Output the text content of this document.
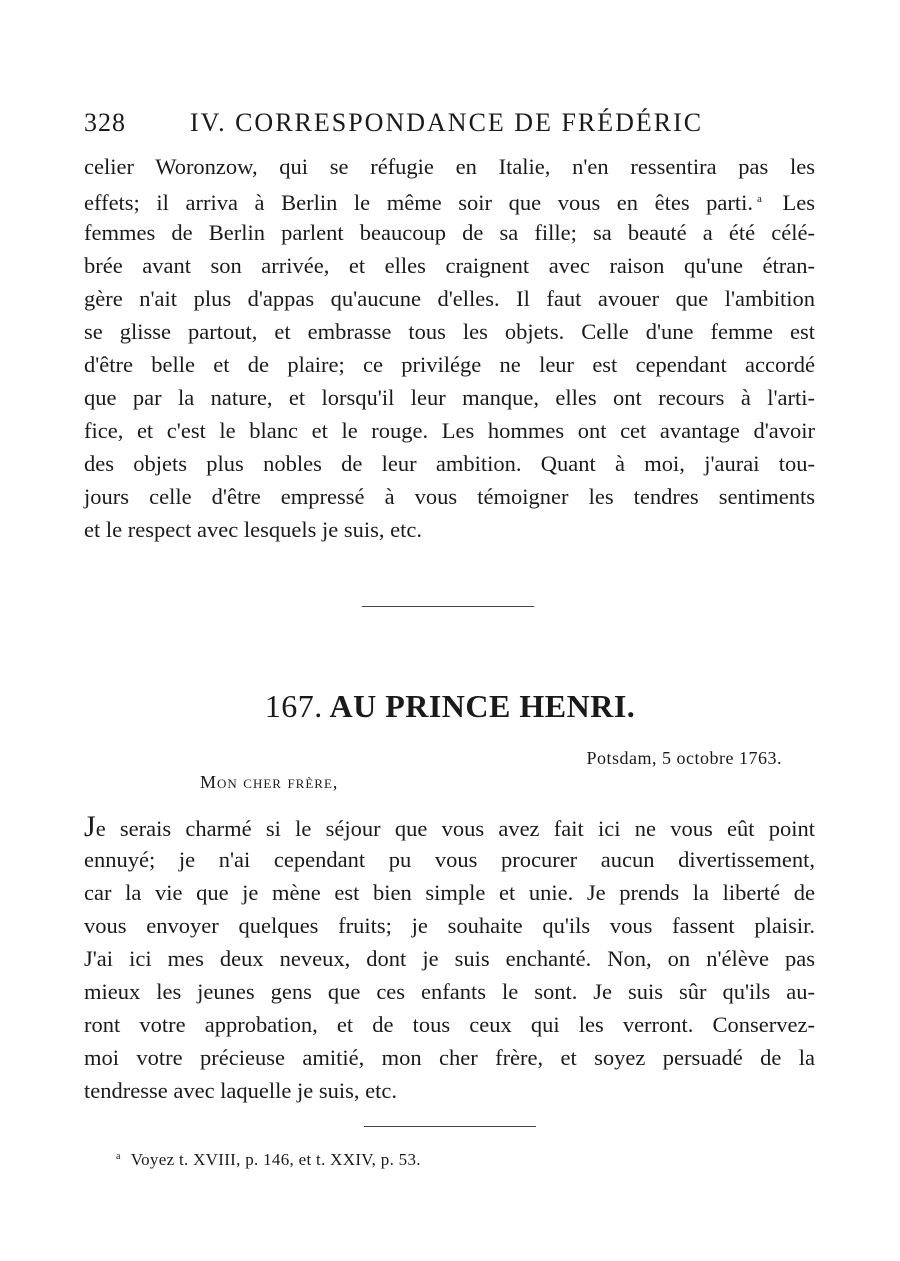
328 IV. CORRESPONDANCE DE FRÉDÉRIC
celier Woronzow, qui se réfugie en Italie, n'en ressentira pas les
effets; il arriva à Berlin le même soir que vous en êtes parti. $^a$ Les
femmes de Berlin parlent beaucoup de sa fille; sa beauté a été célé-
brée avant son arrivée, et elles craignent avec raison qu'une étran-
gère n'ait plus d'appas qu'aucune d'elles. Il faut avouer que l'ambition
se glisse partout, et embrasse tous les objets. Celle d'une femme est
d'être belle et de plaire; ce privilége ne leur est cependant accordé
que par la nature, et lorsqu'il leur manque, elles ont recours à l'arti-
fice, et c'est le blanc et le rouge. Les hommes ont cet avantage d'avoir
des objets plus nobles de leur ambition. Quant à moi, j'aurai tou-
jours celle d'être empressé à vous témoigner les tendres sentiments
et le respect avec lesquels je suis, etc.
167. AU PRINCE HENRI.
Potsdam, 5 octobre 1763.
Mon cher frère,
Je serais charmé si le séjour que vous avez fait ici ne vous eût point
ennuyé; je n'ai cependant pu vous procurer aucun divertissement,
car la vie que je mène est bien simple et unie. Je prends la liberté de
vous envoyer quelques fruits; je souhaite qu'ils vous fassent plaisir.
J'ai ici mes deux neveux, dont je suis enchanté. Non, on n'élève pas
mieux les jeunes gens que ces enfants le sont. Je suis sûr qu'ils au-
ront votre approbation, et de tous ceux qui les verront. Conservez-
moi votre précieuse amitié, mon cher frère, et soyez persuadé de la
tendresse avec laquelle je suis, etc.
$^a$ Voyez t. XVIII, p. 146, et t. XXIV, p. 53.
